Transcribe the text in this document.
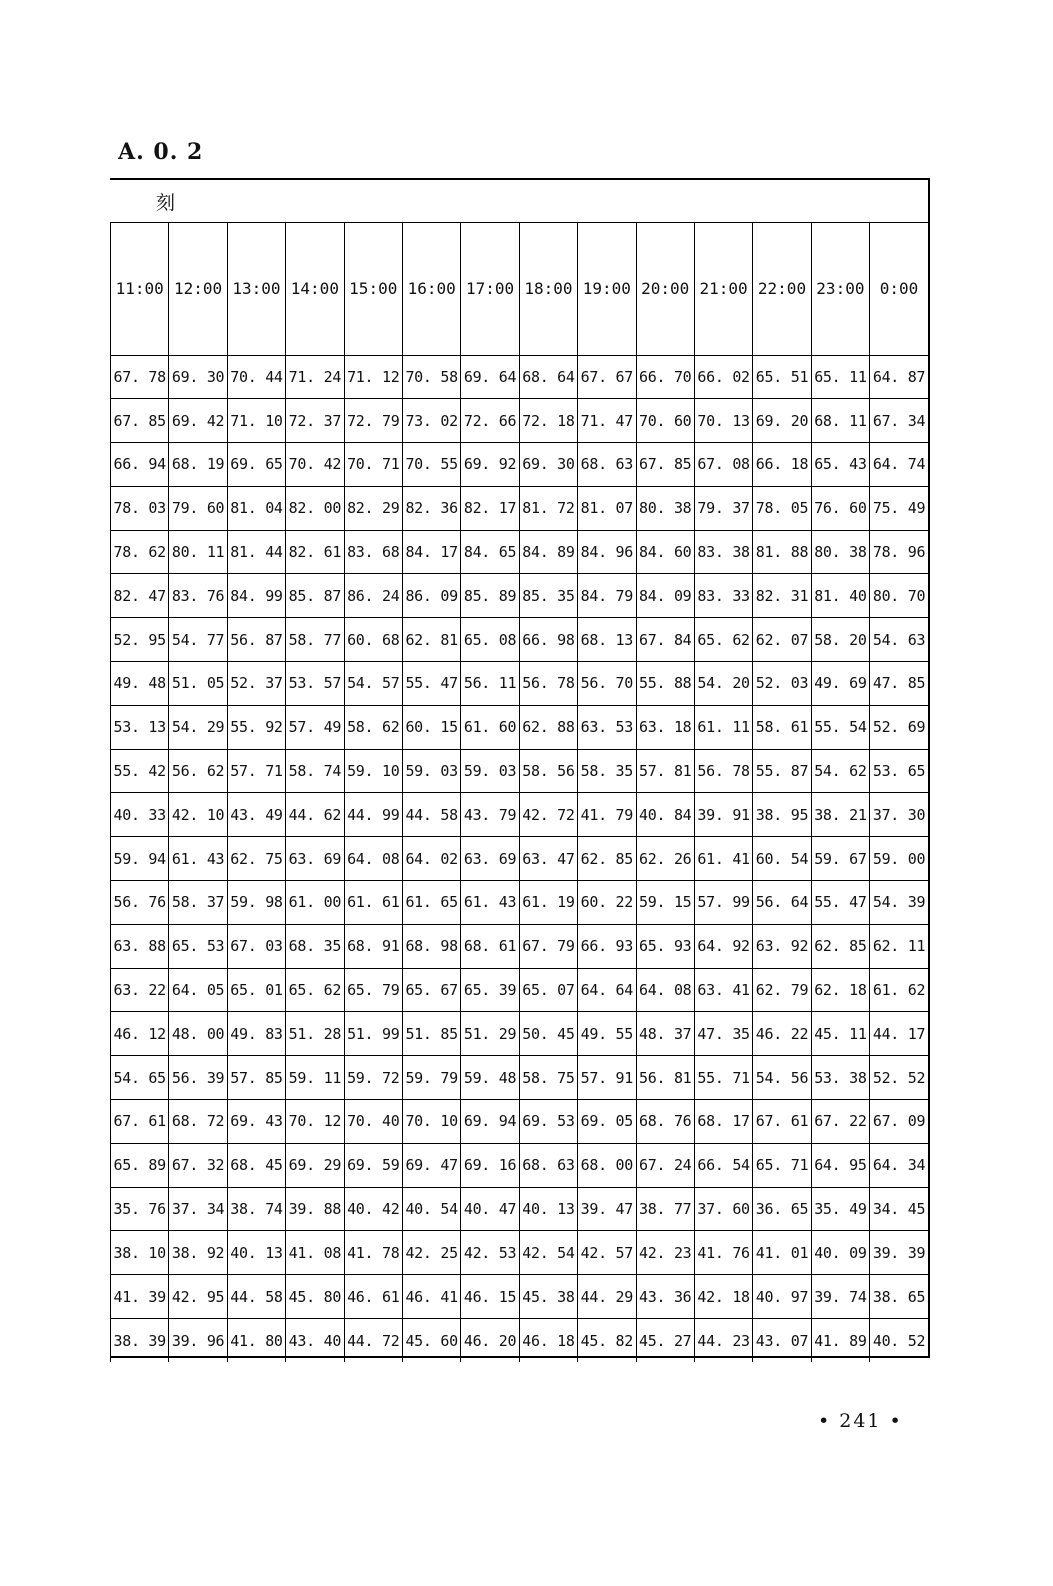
A. 0. 2
刻
11:00	12:00	13:00	14:00	15:00	16:00	17:00	18:00	19:00	20:00	21:00	22:00	23:00	0:00
67. 78	69. 30	70. 44	71. 24	71. 12	70. 58	69. 64	68. 64	67. 67	66. 70	66. 02	65. 51	65. 11	64. 87
67. 85	69. 42	71. 10	72. 37	72. 79	73. 02	72. 66	72. 18	71. 47	70. 60	70. 13	69. 20	68. 11	67. 34
66. 94	68. 19	69. 65	70. 42	70. 71	70. 55	69. 92	69. 30	68. 63	67. 85	67. 08	66. 18	65. 43	64. 74
78. 03	79. 60	81. 04	82. 00	82. 29	82. 36	82. 17	81. 72	81. 07	80. 38	79. 37	78. 05	76. 60	75. 49
78. 62	80. 11	81. 44	82. 61	83. 68	84. 17	84. 65	84. 89	84. 96	84. 60	83. 38	81. 88	80. 38	78. 96
82. 47	83. 76	84. 99	85. 87	86. 24	86. 09	85. 89	85. 35	84. 79	84. 09	83. 33	82. 31	81. 40	80. 70
52. 95	54. 77	56. 87	58. 77	60. 68	62. 81	65. 08	66. 98	68. 13	67. 84	65. 62	62. 07	58. 20	54. 63
49. 48	51. 05	52. 37	53. 57	54. 57	55. 47	56. 11	56. 78	56. 70	55. 88	54. 20	52. 03	49. 69	47. 85
53. 13	54. 29	55. 92	57. 49	58. 62	60. 15	61. 60	62. 88	63. 53	63. 18	61. 11	58. 61	55. 54	52. 69
55. 42	56. 62	57. 71	58. 74	59. 10	59. 03	59. 03	58. 56	58. 35	57. 81	56. 78	55. 87	54. 62	53. 65
40. 33	42. 10	43. 49	44. 62	44. 99	44. 58	43. 79	42. 72	41. 79	40. 84	39. 91	38. 95	38. 21	37. 30
59. 94	61. 43	62. 75	63. 69	64. 08	64. 02	63. 69	63. 47	62. 85	62. 26	61. 41	60. 54	59. 67	59. 00
56. 76	58. 37	59. 98	61. 00	61. 61	61. 65	61. 43	61. 19	60. 22	59. 15	57. 99	56. 64	55. 47	54. 39
63. 88	65. 53	67. 03	68. 35	68. 91	68. 98	68. 61	67. 79	66. 93	65. 93	64. 92	63. 92	62. 85	62. 11
63. 22	64. 05	65. 01	65. 62	65. 79	65. 67	65. 39	65. 07	64. 64	64. 08	63. 41	62. 79	62. 18	61. 62
46. 12	48. 00	49. 83	51. 28	51. 99	51. 85	51. 29	50. 45	49. 55	48. 37	47. 35	46. 22	45. 11	44. 17
54. 65	56. 39	57. 85	59. 11	59. 72	59. 79	59. 48	58. 75	57. 91	56. 81	55. 71	54. 56	53. 38	52. 52
67. 61	68. 72	69. 43	70. 12	70. 40	70. 10	69. 94	69. 53	69. 05	68. 76	68. 17	67. 61	67. 22	67. 09
65. 89	67. 32	68. 45	69. 29	69. 59	69. 47	69. 16	68. 63	68. 00	67. 24	66. 54	65. 71	64. 95	64. 34
35. 76	37. 34	38. 74	39. 88	40. 42	40. 54	40. 47	40. 13	39. 47	38. 77	37. 60	36. 65	35. 49	34. 45
38. 10	38. 92	40. 13	41. 08	41. 78	42. 25	42. 53	42. 54	42. 57	42. 23	41. 76	41. 01	40. 09	39. 39
41. 39	42. 95	44. 58	45. 80	46. 61	46. 41	46. 15	45. 38	44. 29	43. 36	42. 18	40. 97	39. 74	38. 65
38. 39	39. 96	41. 80	43. 40	44. 72	45. 60	46. 20	46. 18	45. 82	45. 27	44. 23	43. 07	41. 89	40. 52
• 241 •
